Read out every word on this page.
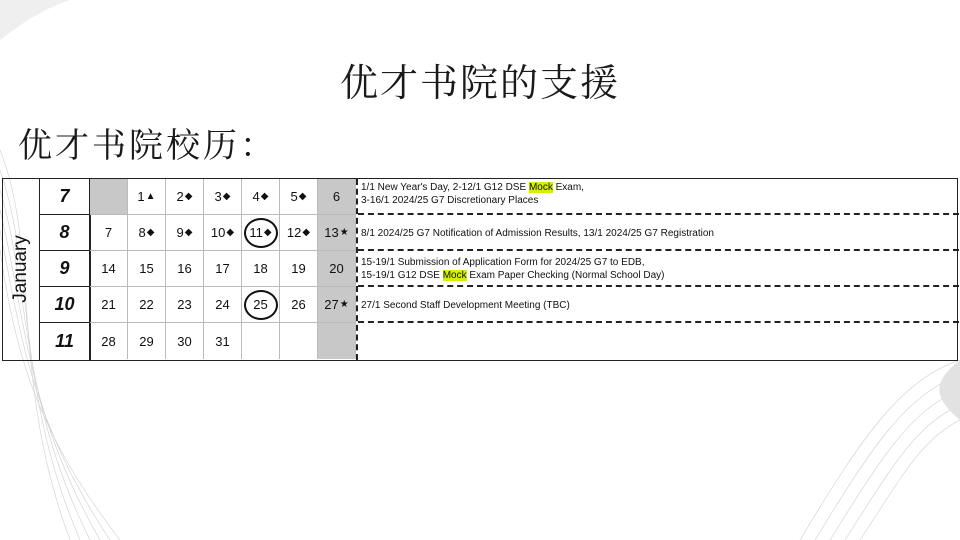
优才书院的支援
优才书院校历：
January
7
8
9
10
11
1/1 New Year's Day, 2-12/1 G12 DSE Mock Exam,
3-16/1 2024/25 G7 Discretionary Places
8/1 2024/25 G7 Notification of Admission Results, 13/1 2024/25 G7 Registration
15-19/1 Submission of Application Form for 2024/25 G7 to EDB,
15-19/1 G12 DSE Mock Exam Paper Checking (Normal School Day)
27/1 Second Staff Development Meeting (TBC)
1 ▲ 2 ◆ 3 ◆ 4 ◆ 5 ◆ 6
7 8 ◆ 9 ◆ 10 ◆ 11 ◆ 12 ◆ 13 ★
14 15 16 17 18 19 20
21 22 23 24 25 26 27 ★
28 29 30 31
